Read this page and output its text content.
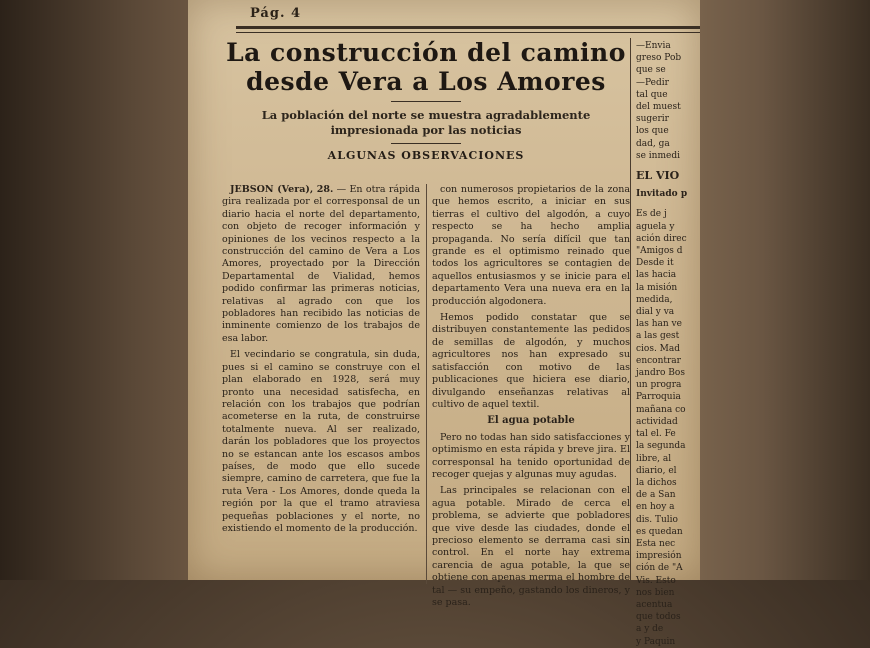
Pág. 4
La construcción del camino
desde Vera a Los Amores
La población del norte se muestra agradablemente impresionada por las noticias
ALGUNAS OBSERVACIONES

JEBSON (Vera), 28. — En otra rápida gira realizada por el corresponsal de un diario hacia el norte del departamento, con objeto de recoger información y opiniones de los vecinos respecto a la construcción del camino de Vera a Los Amores, proyectado por la Dirección Departamental de Vialidad, hemos podido confirmar las primeras noticias, relativas al agrado con que los pobladores han recibido las noticias de inminente comienzo de los trabajos de esa labor.

El vecindario se congratula, sin duda, pues si el camino se construye con el plan elaborado en 1928, será muy pronto una necesidad satisfecha, en relación con los trabajos que podrían acometerse en la ruta, de construirse totalmente nueva. Al ser realizado, darán los pobladores que los proyectos no se estancan ante los escasos ambos países, de modo que ello sucede siempre, camino de carretera, que fue la ruta Vera - Los Amores, donde queda la región por la que el tramo atraviesa pequeñas poblaciones y el norte, no existiendo el momento de la producción.

con numerosos propietarios de la zona que hemos escrito, a iniciar en sus tierras el cultivo del algodón, a cuyo respecto se ha hecho amplia propaganda. No sería difícil que tan grande es el optimismo reinado que todos los agricultores se contagien de aquellos entusiasmos y se inicie para el departamento Vera una nueva era en la producción algodonera.

Hemos podido constatar que se distribuyen constantemente las pedidos de semillas de algodón, y muchos agricultores nos han expresado su satisfacción con motivo de las publicaciones que hiciera ese diario, divulgando enseñanzas relativas al cultivo de aquel textil.

El agua potable

Pero no todas han sido satisfacciones y optimismo en esta rápida y breve jira. El corresponsal ha tenido oportunidad de recoger quejas y algunas muy agudas.

Las principales se relacionan con el agua potable. Mirado de cerca el problema, se advierte que pobladores que vive desde las ciudades, donde el precioso elemento se derrama casi sin control. En el norte hay extrema carencia de agua potable, la que se obtiene con apenas merma el hombre de tal — su empeño, gastando los dineros, y se pasa.

—Envia
greso Pob
que se
—Pedir
tal que
del muest
sugerir
los que
dad, ga
se inmedi
EL VIO
Invitado p
Es de j
aguela y
ación direc
"Amigos d
Desde it
las hacia
la misión
medida,
dial y va
las han ve
a las gest
cios. Mad
encontrar
jandro Bos
un progra
Parroquia
mañana co
actividad
tal el. Fe
la segunda
libre, al
diario, el
la dichos
de a San
en hoy a
dis. Tulio
es quedan
Esta nec
impresión
ción de "A
Vis. Esto
nos bien
acentua
que todos
a y de
y Paquin
